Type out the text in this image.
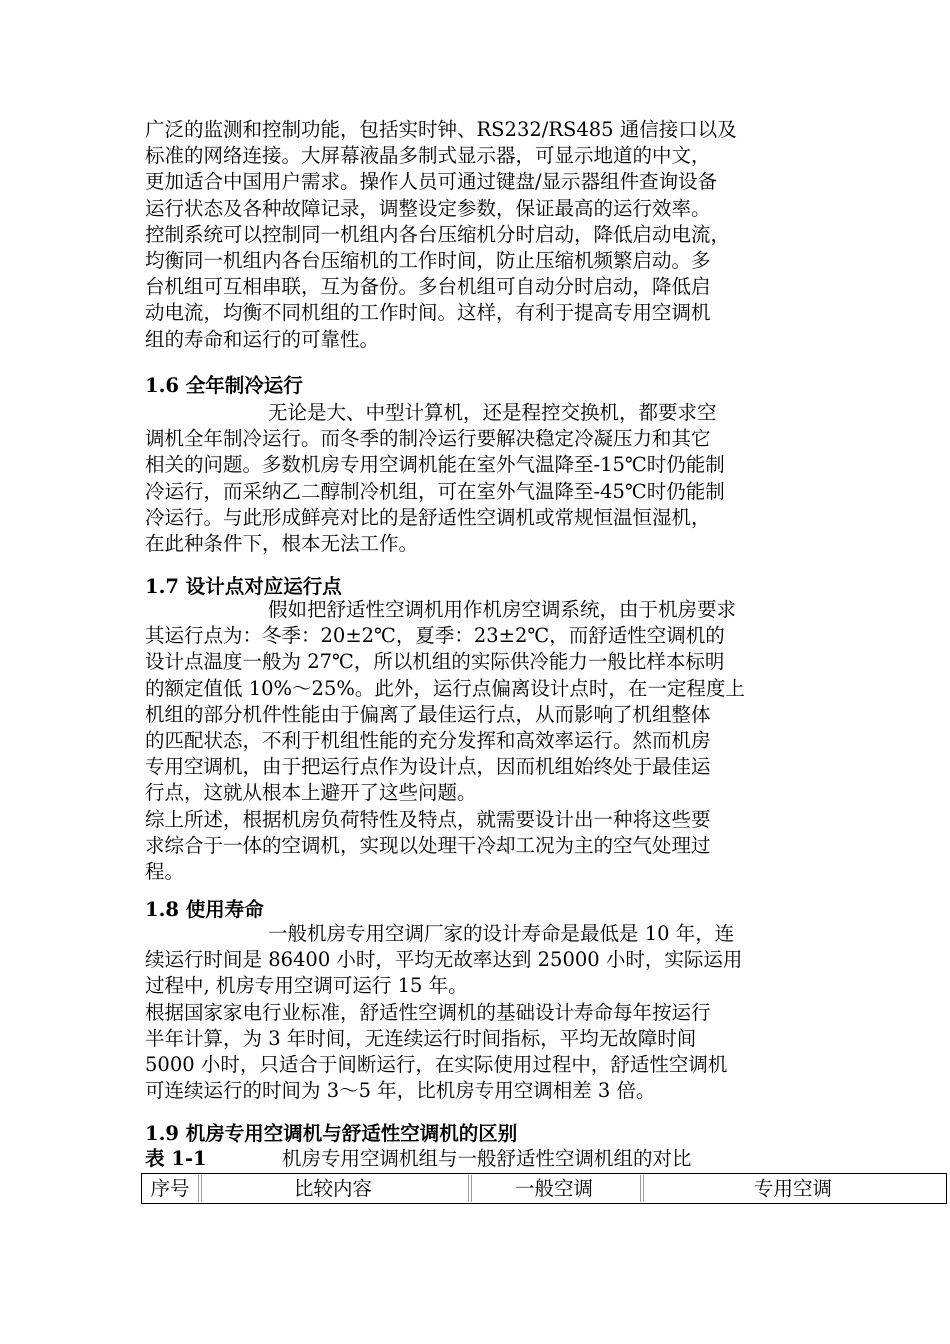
广泛的监测和控制功能，包括实时钟、RS232/RS485 通信接口以及
标准的网络连接。大屏幕液晶多制式显示器，可显示地道的中文，
更加适合中国用户需求。操作人员可通过键盘/显示器组件查询设备
运行状态及各种故障记录，调整设定参数，保证最高的运行效率。
控制系统可以控制同一机组内各台压缩机分时启动，降低启动电流，
均衡同一机组内各台压缩机的工作时间，防止压缩机频繁启动。多
台机组可互相串联，互为备份。多台机组可自动分时启动，降低启
动电流，均衡不同机组的工作时间。这样，有利于提高专用空调机
组的寿命和运行的可靠性。

1.6 全年制冷运行

无论是大、中型计算机，还是程控交换机，都要求空
调机全年制冷运行。而冬季的制冷运行要解决稳定冷凝压力和其它
相关的问题。多数机房专用空调机能在室外气温降至-15℃时仍能制
冷运行，而采纳乙二醇制冷机组，可在室外气温降至-45℃时仍能制
冷运行。与此形成鲜亮对比的是舒适性空调机或常规恒温恒湿机，
在此种条件下，根本无法工作。

1.7 设计点对应运行点

假如把舒适性空调机用作机房空调系统，由于机房要求
其运行点为：冬季：20±2℃，夏季：23±2℃，而舒适性空调机的
设计点温度一般为 27℃，所以机组的实际供冷能力一般比样本标明
的额定值低 10%～25%。此外，运行点偏离设计点时，在一定程度上
机组的部分机件性能由于偏离了最佳运行点，从而影响了机组整体
的匹配状态，不利于机组性能的充分发挥和高效率运行。然而机房
专用空调机，由于把运行点作为设计点，因而机组始终处于最佳运
行点，这就从根本上避开了这些问题。
综上所述，根据机房负荷特性及特点，就需要设计出一种将这些要
求综合于一体的空调机，实现以处理干冷却工况为主的空气处理过
程。

1.8 使用寿命

一般机房专用空调厂家的设计寿命是最低是 10 年，连
续运行时间是 86400 小时，平均无故率达到 25000 小时，实际运用
过程中, 机房专用空调可运行 15 年。
根据国家家电行业标准，舒适性空调机的基础设计寿命每年按运行
半年计算，为 3 年时间，无连续运行时间指标，平均无故障时间
5000 小时，只适合于间断运行，在实际使用过程中，舒适性空调机
可连续运行的时间为 3～5 年，比机房专用空调相差 3 倍。

1.9 机房专用空调机与舒适性空调机的区别
表 1-1	机房专用空调机组与一般舒适性空调机组的对比
序号	比较内容	一般空调	专用空调
